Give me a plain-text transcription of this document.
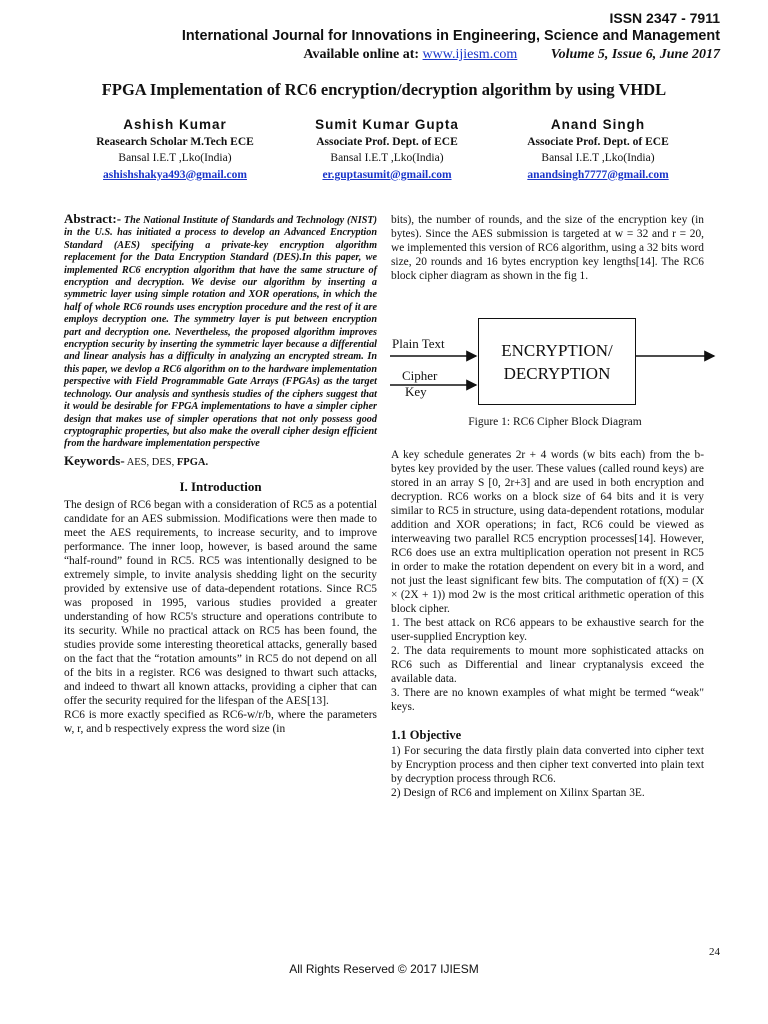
ISSN 2347 - 7911
International Journal for Innovations in Engineering, Science and Management
Available online at: www.ijiesm.com Volume 5, Issue 6, June 2017
FPGA Implementation of RC6 encryption/decryption algorithm by using VHDL
Ashish Kumar
Reasearch Scholar M.Tech ECE
Bansal I.E.T ,Lko(India)
ashishshakya493@gmail.com
Sumit Kumar Gupta
Associate Prof. Dept. of ECE
Bansal I.E.T ,Lko(India)
er.guptasumit@gmail.com
Anand Singh
Associate Prof. Dept. of ECE
Bansal I.E.T ,Lko(India)
anandsingh7777@gmail.com

Abstract:- The National Institute of Standards and Technology (NIST) in the U.S. has initiated a process to develop an Advanced Encryption Standard (AES) specifying a private-key encryption algorithm replacement for the Data Encryption Standard (DES).In this paper, we implemented RC6 encryption algorithm that have the same structure of encryption and decryption. We devise our algorithm by inserting a symmetric layer using simple rotation and XOR operations, in which the half of whole RC6 rounds uses encryption procedure and the rest of it are employs decryption one. The symmetry layer is put between encryption part and decryption one. Nevertheless, the proposed algorithm improves encryption security by inserting the symmetric layer because a differential and linear analysis has a difficulty in analyzing an encrypted stream. In this paper, we devlop a RC6 algorithm on to the hardware implementation perspective with Field Programmable Gate Arrays (FPGAs) as the target technology. Our analysis and synthesis studies of the ciphers suggest that it would be desirable for FPGA implementations to have a simpler cipher design that makes use of simpler operations that not only possess good cryptographic properties, but also make the overall cipher design efficient from the hardware implementation perspective

Keywords- AES, DES, FPGA.

I. Introduction

The design of RC6 began with a consideration of RC5 as a potential candidate for an AES submission. Modifications were then made to meet the AES requirements, to increase security, and to improve performance. The inner loop, however, is based around the same “half-round” found in RC5. RC5 was intentionally designed to be extremely simple, to invite analysis shedding light on the security provided by extensive use of data-dependent rotations. Since RC5 was proposed in 1995, various studies provided a greater understanding of how RC5's structure and operations contribute to its security. While no practical attack on RC5 has been found, the studies provide some interesting theoretical attacks, generally based on the fact that the “rotation amounts” in RC5 do not depend on all of the bits in a register. RC6 was designed to thwart such attacks, and indeed to thwart all known attacks, providing a cipher that can offer the security required for the lifespan of the AES[13].

RC6 is more exactly specified as RC6-w/r/b, where the parameters w, r, and b respectively express the word size (in

bits), the number of rounds, and the size of the encryption key (in bytes). Since the AES submission is targeted at w = 32 and r = 20, we implemented this version of RC6 algorithm, using a 32 bits word size, 20 rounds and 16 bytes encryption key lengths[14]. The RC6 block cipher diagram as shown in the fig 1.

Plain Text
Cipher
Key
ENCRYPTION/
DECRYPTION
Figure 1: RC6 Cipher Block Diagram

A key schedule generates 2r + 4 words (w bits each) from the b-bytes key provided by the user. These values (called round keys) are stored in an array S [0, 2r+3] and are used in both encryption and decryption. RC6 works on a block size of 64 bits and it is very similar to RC5 in structure, using data-dependent rotations, modular addition and XOR operations; in fact, RC6 could be viewed as interweaving two parallel RC5 encryption processes[14]. However, RC6 does use an extra multiplication operation not present in RC5 in order to make the rotation dependent on every bit in a word, and not just the least significant few bits. The computation of f(X) = (X × (2X + 1)) mod 2w is the most critical arithmetic operation of this block cipher.

1. The best attack on RC6 appears to be exhaustive search for the user-supplied Encryption key.

2. The data requirements to mount more sophisticated attacks on RC6 such as Differential and linear cryptanalysis exceed the available data.

3. There are no known examples of what might be termed “weak" keys.

1.1 Objective

1) For securing the data firstly plain data converted into cipher text by Encryption process and then cipher text converted into plain text by decryption process through RC6.

2) Design of RC6 and implement on Xilinx Spartan 3E.

24
All Rights Reserved © 2017 IJIESM
